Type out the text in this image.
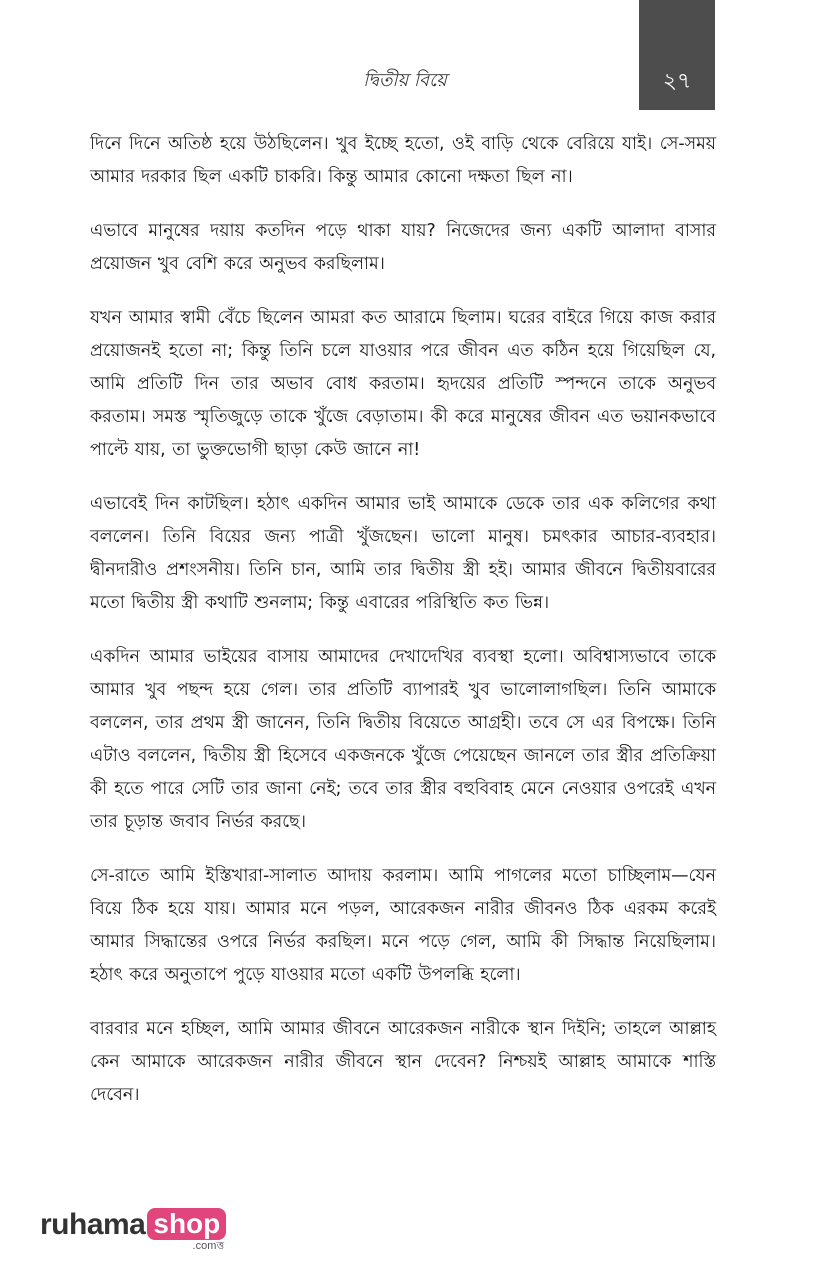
দ্বিতীয় বিয়ে	২৭

দিনে দিনে অতিষ্ঠ হয়ে উঠছিলেন। খুব ইচ্ছে হতো, ওই বাড়ি থেকে বেরিয়ে যাই। সে-সময় আমার দরকার ছিল একটি চাকরি। কিন্তু আমার কোনো দক্ষতা ছিল না।

এভাবে মানুষের দয়ায় কতদিন পড়ে থাকা যায়? নিজেদের জন্য একটি আলাদা বাসার প্রয়োজন খুব বেশি করে অনুভব করছিলাম।

যখন আমার স্বামী বেঁচে ছিলেন আমরা কত আরামে ছিলাম। ঘরের বাইরে গিয়ে কাজ করার প্রয়োজনই হতো না; কিন্তু তিনি চলে যাওয়ার পরে জীবন এত কঠিন হয়ে গিয়েছিল যে, আমি প্রতিটি দিন তার অভাব বোধ করতাম। হৃদয়ের প্রতিটি স্পন্দনে তাকে অনুভব করতাম। সমস্ত স্মৃতিজুড়ে তাকে খুঁজে বেড়াতাম। কী করে মানুষের জীবন এত ভয়ানকভাবে পাল্টে যায়, তা ভুক্তভোগী ছাড়া কেউ জানে না!

এভাবেই দিন কাটছিল। হঠাৎ একদিন আমার ভাই আমাকে ডেকে তার এক কলিগের কথা বললেন। তিনি বিয়ের জন্য পাত্রী খুঁজছেন। ভালো মানুষ। চমৎকার আচার-ব্যবহার। দ্বীনদারীও প্রশংসনীয়। তিনি চান, আমি তার দ্বিতীয় স্ত্রী হই। আমার জীবনে দ্বিতীয়বারের মতো দ্বিতীয় স্ত্রী কথাটি শুনলাম; কিন্তু এবারের পরিস্থিতি কত ভিন্ন।

একদিন আমার ভাইয়ের বাসায় আমাদের দেখাদেখির ব্যবস্থা হলো। অবিশ্বাস্যভাবে তাকে আমার খুব পছন্দ হয়ে গেল। তার প্রতিটি ব্যাপারই খুব ভালোলাগছিল। তিনি আমাকে বললেন, তার প্রথম স্ত্রী জানেন, তিনি দ্বিতীয় বিয়েতে আগ্রহী। তবে সে এর বিপক্ষে। তিনি এটাও বললেন, দ্বিতীয় স্ত্রী হিসেবে একজনকে খুঁজে পেয়েছেন জানলে তার স্ত্রীর প্রতিক্রিয়া কী হতে পারে সেটি তার জানা নেই; তবে তার স্ত্রীর বহুবিবাহ মেনে নেওয়ার ওপরেই এখন তার চূড়ান্ত জবাব নির্ভর করছে।

সে-রাতে আমি ইস্তিখারা-সালাত আদায় করলাম। আমি পাগলের মতো চাচ্ছিলাম—যেন বিয়ে ঠিক হয়ে যায়। আমার মনে পড়ল, আরেকজন নারীর জীবনও ঠিক এরকম করেই আমার সিদ্ধান্তের ওপরে নির্ভর করছিল। মনে পড়ে গেল, আমি কী সিদ্ধান্ত নিয়েছিলাম। হঠাৎ করে অনুতাপে পুড়ে যাওয়ার মতো একটি উপলব্ধি হলো।

বারবার মনে হচ্ছিল, আমি আমার জীবনে আরেকজন নারীকে স্থান দিইনি; তাহলে আল্লাহ কেন আমাকে আরেকজন নারীর জীবনে স্থান দেবেন? নিশ্চয়ই আল্লাহ আমাকে শাস্তি দেবেন।

ruhama shop
.comত্ত
